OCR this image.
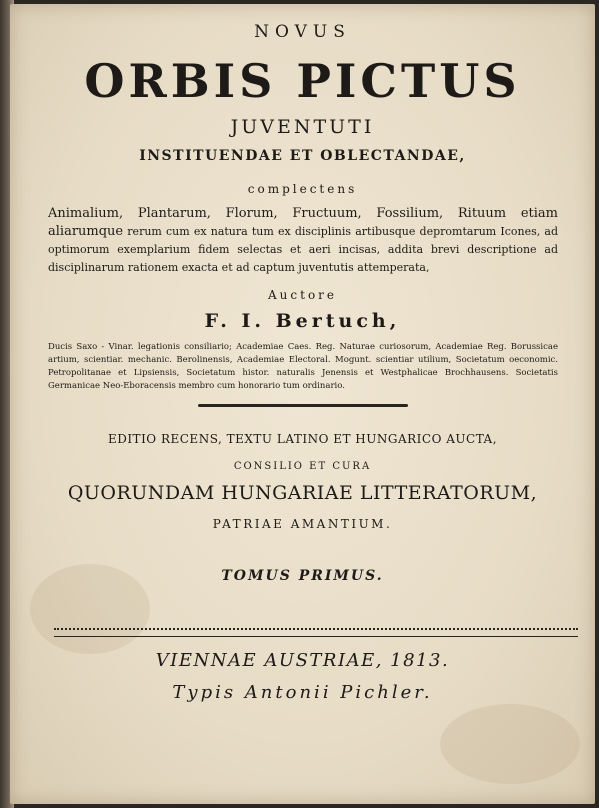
NOVUS
ORBIS PICTUS
JUVENTUTI
INSTITUENDAE ET OBLECTANDAE,
complectens
Animalium, Plantarum, Florum, Fructuum, Fossilium, Rituum etiam aliarumque rerum cum ex natura tum ex disciplinis artibusque depromtarum Icones, ad optimorum exemplarium fidem selectas et aeri incisas, addita brevi descriptione ad disciplinarum rationem exacta et ad captum juventutis attemperata,
Auctore
F. I. Bertuch,
Ducis Saxo - Vinar. legationis consiliario; Academiae Caes. Reg. Naturae curiosorum, Academiae Reg. Borussicae artium, scientiar. mechanic. Berolinensis, Academiae Electoral. Mogunt. scientiar utilium, Societatum oeconomic. Petropolitanae et Lipsiensis, Societatum histor. naturalis Jenensis et Westphalicae Brochhausens. Societatis Germanicae Neo-Eboracensis membro cum honorario tum ordinario.
EDITIO RECENS, TEXTU LATINO ET HUNGARICO AUCTA,
CONSILIO ET CURA
QUORUNDAM HUNGARIAE LITTERATORUM,
PATRIAE AMANTIUM.
TOMUS PRIMUS.
VIENNAE AUSTRIAE, 1813.
Typis Antonii Pichler.
